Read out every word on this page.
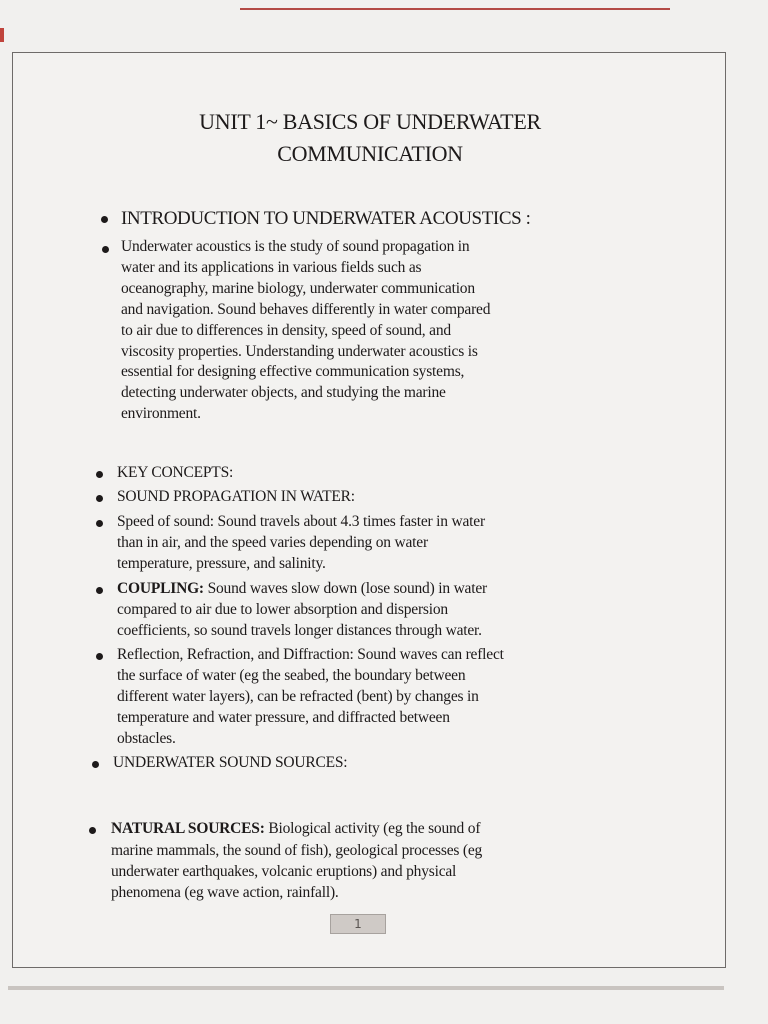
UNIT 1~ BASICS OF UNDERWATER
COMMUNICATION
INTRODUCTION TO UNDERWATER ACOUSTICS :
Underwater acoustics is the study of sound propagation in
water and its applications in various fields such as
oceanography, marine biology, underwater communication
and navigation. Sound behaves differently in water compared
to air due to differences in density, speed of sound, and
viscosity properties. Understanding underwater acoustics is
essential for designing effective communication systems,
detecting underwater objects, and studying the marine
environment.
KEY CONCEPTS:
SOUND PROPAGATION IN WATER:
Speed of sound: Sound travels about 4.3 times faster in water
than in air, and the speed varies depending on water
temperature, pressure, and salinity.
COUPLING: Sound waves slow down (lose sound) in water
compared to air due to lower absorption and dispersion
coefficients, so sound travels longer distances through water.
Reflection, Refraction, and Diffraction: Sound waves can reflect
the surface of water (eg the seabed, the boundary between
different water layers), can be refracted (bent) by changes in
temperature and water pressure, and diffracted between
obstacles.
UNDERWATER SOUND SOURCES:
NATURAL SOURCES: Biological activity (eg the sound of
marine mammals, the sound of fish), geological processes (eg
underwater earthquakes, volcanic eruptions) and physical
phenomena (eg wave action, rainfall).
1
